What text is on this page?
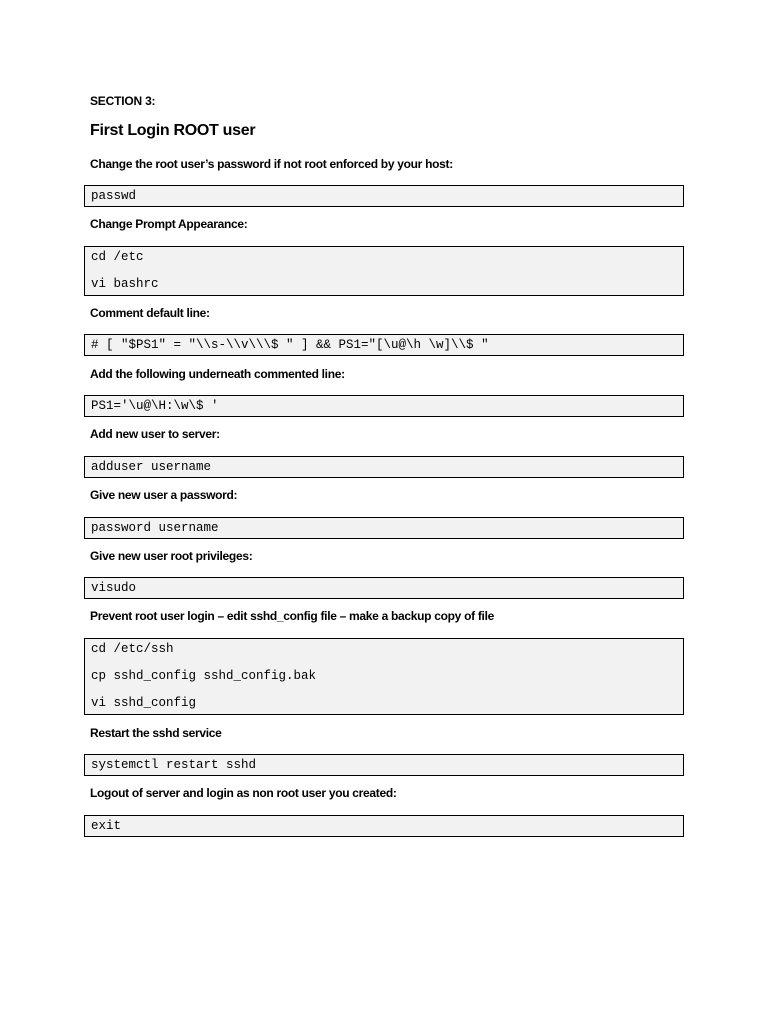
SECTION 3:
First Login ROOT user
Change the root user’s password if not root enforced by your host:
passwd
Change Prompt Appearance:
cd /etc
vi bashrc
Comment default line:
# [ "$PS1" = "\\s-\\v\\\$ " ] && PS1="[\u@\h \w]\\$ "
Add the following underneath commented line:
PS1='\u@\H:\w\$ '
Add new user to server:
adduser username
Give new user a password:
password username
Give new user root privileges:
visudo
Prevent root user login – edit sshd_config file – make a backup copy of file
cd /etc/ssh
cp sshd_config sshd_config.bak
vi sshd_config
Restart the sshd service
systemctl restart sshd
Logout of server and login as non root user you created:
exit
